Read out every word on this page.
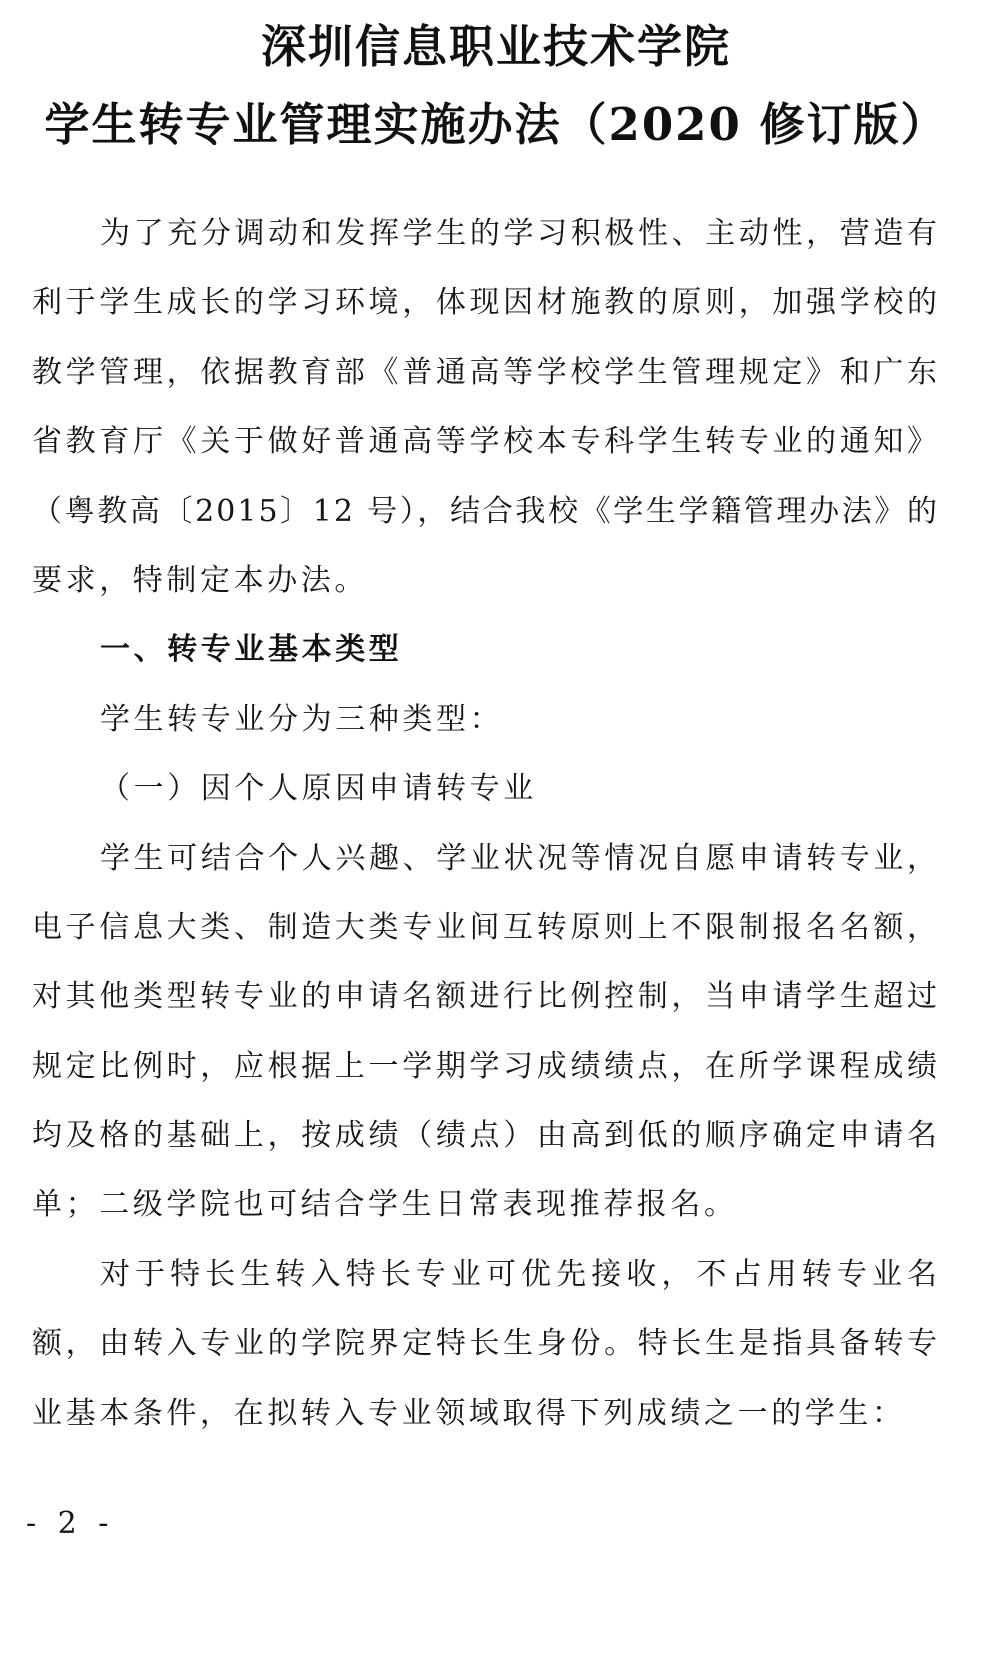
深圳信息职业技术学院
学生转专业管理实施办法（2020 修订版）
为了充分调动和发挥学生的学习积极性、主动性，营造有
利于学生成长的学习环境，体现因材施教的原则，加强学校的
教学管理，依据教育部《普通高等学校学生管理规定》和广东
省教育厅《关于做好普通高等学校本专科学生转专业的通知》
（粤教高〔2015〕12 号），结合我校《学生学籍管理办法》的
要求，特制定本办法。
一、转专业基本类型
学生转专业分为三种类型：
（一）因个人原因申请转专业
学生可结合个人兴趣、学业状况等情况自愿申请转专业，
电子信息大类、制造大类专业间互转原则上不限制报名名额，
对其他类型转专业的申请名额进行比例控制，当申请学生超过
规定比例时，应根据上一学期学习成绩绩点，在所学课程成绩
均及格的基础上，按成绩（绩点）由高到低的顺序确定申请名
单；二级学院也可结合学生日常表现推荐报名。
对于特长生转入特长专业可优先接收，不占用转专业名
额，由转入专业的学院界定特长生身份。特长生是指具备转专
业基本条件，在拟转入专业领域取得下列成绩之一的学生：
- 2 -
